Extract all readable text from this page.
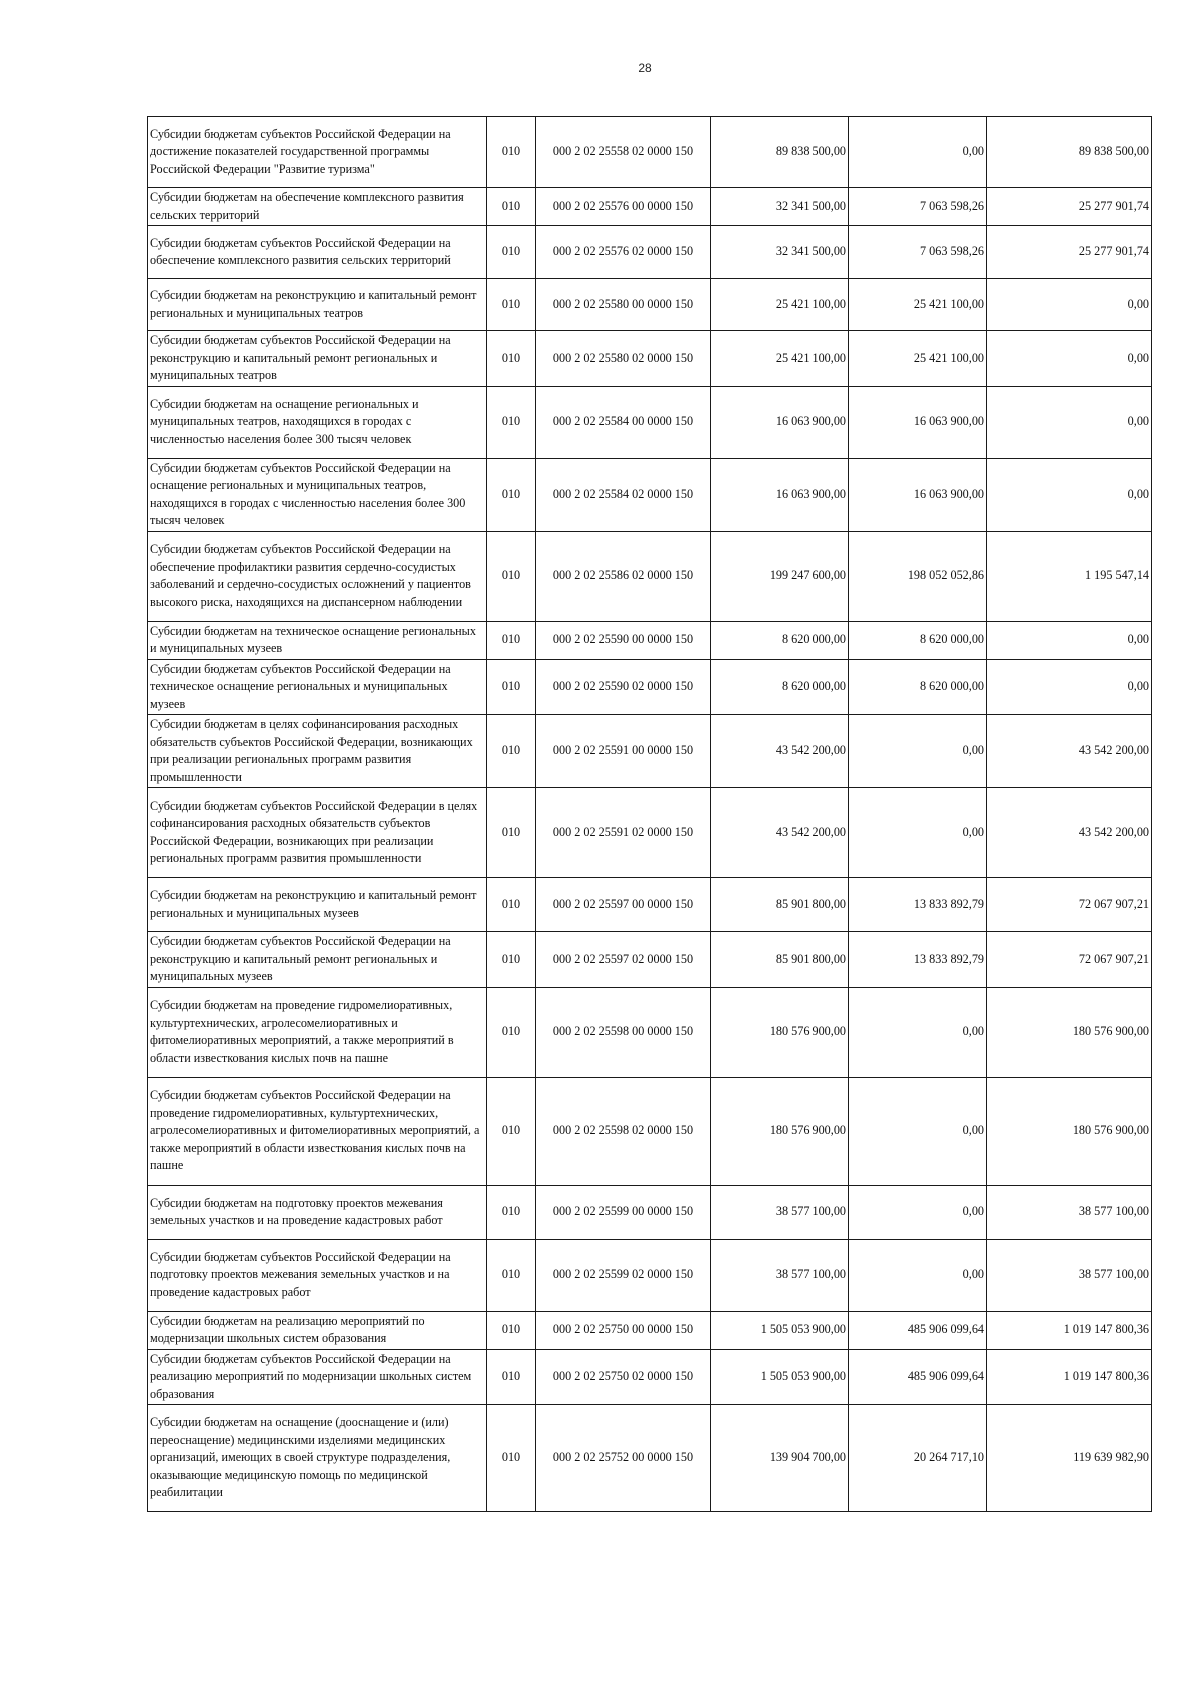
28
Субсидии бюджетам субъектов Российской Федерации на достижение показателей государственной программы Российской Федерации "Развитие туризма"	010	000 2 02 25558 02 0000 150	89 838 500,00	0,00	89 838 500,00
Субсидии бюджетам на обеспечение комплексного развития сельских территорий	010	000 2 02 25576 00 0000 150	32 341 500,00	7 063 598,26	25 277 901,74
Субсидии бюджетам субъектов Российской Федерации на обеспечение комплексного развития сельских территорий	010	000 2 02 25576 02 0000 150	32 341 500,00	7 063 598,26	25 277 901,74
Субсидии бюджетам на реконструкцию и капитальный ремонт региональных и муниципальных театров	010	000 2 02 25580 00 0000 150	25 421 100,00	25 421 100,00	0,00
Субсидии бюджетам субъектов Российской Федерации на реконструкцию и капитальный ремонт региональных и муниципальных театров	010	000 2 02 25580 02 0000 150	25 421 100,00	25 421 100,00	0,00
Субсидии бюджетам на оснащение региональных и муниципальных театров, находящихся в городах с численностью населения более 300 тысяч человек	010	000 2 02 25584 00 0000 150	16 063 900,00	16 063 900,00	0,00
Субсидии бюджетам субъектов Российской Федерации на оснащение региональных и муниципальных театров, находящихся в городах с численностью населения более 300 тысяч человек	010	000 2 02 25584 02 0000 150	16 063 900,00	16 063 900,00	0,00
Субсидии бюджетам субъектов Российской Федерации на обеспечение профилактики развития сердечно-сосудистых заболеваний и сердечно-сосудистых осложнений у пациентов высокого риска, находящихся на диспансерном наблюдении	010	000 2 02 25586 02 0000 150	199 247 600,00	198 052 052,86	1 195 547,14
Субсидии бюджетам на техническое оснащение региональных и муниципальных музеев	010	000 2 02 25590 00 0000 150	8 620 000,00	8 620 000,00	0,00
Субсидии бюджетам субъектов Российской Федерации на техническое оснащение региональных и муниципальных музеев	010	000 2 02 25590 02 0000 150	8 620 000,00	8 620 000,00	0,00
Субсидии бюджетам в целях софинансирования расходных обязательств субъектов Российской Федерации, возникающих при реализации региональных программ развития промышленности	010	000 2 02 25591 00 0000 150	43 542 200,00	0,00	43 542 200,00
Субсидии бюджетам субъектов Российской Федерации в целях софинансирования расходных обязательств субъектов Российской Федерации, возникающих при реализации региональных программ развития промышленности	010	000 2 02 25591 02 0000 150	43 542 200,00	0,00	43 542 200,00
Субсидии бюджетам на реконструкцию и капитальный ремонт региональных и муниципальных музеев	010	000 2 02 25597 00 0000 150	85 901 800,00	13 833 892,79	72 067 907,21
Субсидии бюджетам субъектов Российской Федерации на реконструкцию и капитальный ремонт региональных и муниципальных музеев	010	000 2 02 25597 02 0000 150	85 901 800,00	13 833 892,79	72 067 907,21
Субсидии бюджетам на проведение гидромелиоративных, культуртехнических, агролесомелиоративных и фитомелиоративных мероприятий, а также мероприятий в области известкования кислых почв на пашне	010	000 2 02 25598 00 0000 150	180 576 900,00	0,00	180 576 900,00
Субсидии бюджетам субъектов Российской Федерации на проведение гидромелиоративных, культуртехнических, агролесомелиоративных и фитомелиоративных мероприятий, а также мероприятий в области известкования кислых почв на пашне	010	000 2 02 25598 02 0000 150	180 576 900,00	0,00	180 576 900,00
Субсидии бюджетам на подготовку проектов межевания земельных участков и на проведение кадастровых работ	010	000 2 02 25599 00 0000 150	38 577 100,00	0,00	38 577 100,00
Субсидии бюджетам субъектов Российской Федерации на подготовку проектов межевания земельных участков и на проведение кадастровых работ	010	000 2 02 25599 02 0000 150	38 577 100,00	0,00	38 577 100,00
Субсидии бюджетам на реализацию мероприятий по модернизации школьных систем образования	010	000 2 02 25750 00 0000 150	1 505 053 900,00	485 906 099,64	1 019 147 800,36
Субсидии бюджетам субъектов Российской Федерации на реализацию мероприятий по модернизации школьных систем образования	010	000 2 02 25750 02 0000 150	1 505 053 900,00	485 906 099,64	1 019 147 800,36
Субсидии бюджетам на оснащение (дооснащение и (или) переоснащение) медицинскими изделиями медицинских организаций, имеющих в своей структуре подразделения, оказывающие медицинскую помощь по медицинской реабилитации	010	000 2 02 25752 00 0000 150	139 904 700,00	20 264 717,10	119 639 982,90
